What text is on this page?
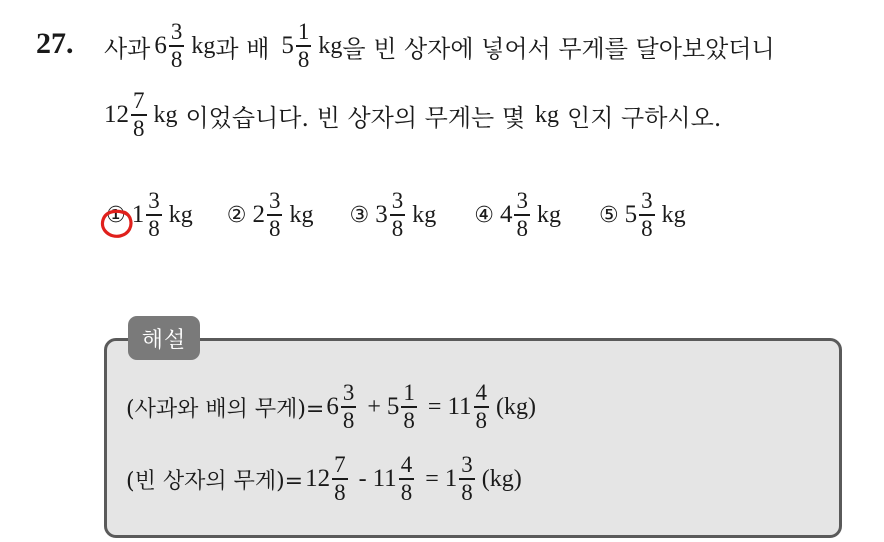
27. 사과 $6 \frac{3}{8}$ kg 과 배 $5 \frac{1}{8}$ kg 을 빈 상자에 넣어서 무게를 달아보았더니
$12 \frac{7}{8}$ kg 이었습니다. 빈 상자의 무게는 몇 kg 인지 구하시오.
① $1 \frac{3}{8}$ kg ② $2 \frac{3}{8}$ kg ③ $3 \frac{3}{8}$ kg ④ $4 \frac{3}{8}$ kg ⑤ $5 \frac{3}{8}$ kg
해설
(사과와 배의 무게)= $6 \frac{3}{8} + 5 \frac{1}{8} = 11 \frac{4}{8} (kg)$
(빈 상자의 무게)= $12 \frac{7}{8} - 11 \frac{4}{8} = 1 \frac{3}{8} (kg)$
